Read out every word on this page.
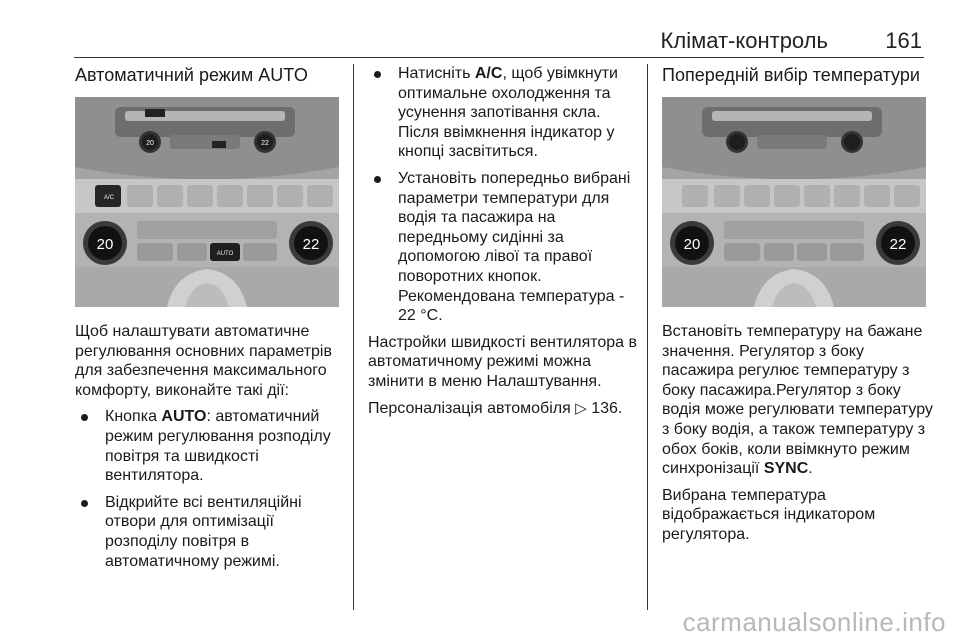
Клімат-контроль	161
Автоматичний режим AUTO
20	22
A/C
20	22
AUTO

Щоб налаштувати автоматичне регулювання основних параметрів для забезпечення максимального комфорту, виконайте такі дії:

Кнопка AUTO: автоматичний режим регулювання розподілу повітря та швидкості вентилятора.
Відкрийте всі вентиляційні отвори для оптимізації розподілу повітря в автоматичному режимі.
Натисніть A/C, щоб увімкнути оптимальне охолодження та усунення запотівання скла. Після ввімкнення індикатор у кнопці засвітиться.
Установіть попередньо вибрані параметри температури для водія та пасажира на передньому сидінні за допомогою лівої та правої поворотних кнопок. Рекомендована температура - 22 °C.

Настройки швидкості вентилятора в автоматичному режимі можна змінити в меню Налаштування.

Персоналізація автомобіля ▷ 136.

Попередній вибір температури
20	22

Встановіть температуру на бажане значення. Регулятор з боку пасажира регулює температуру з боку пасажира.Регулятор з боку водія може регулювати температуру з боку водія, а також температуру з обох боків, коли ввімкнуто режим синхронізації SYNC.

Вибрана температура відображається індикатором регулятора.

carmanualsonline.info
